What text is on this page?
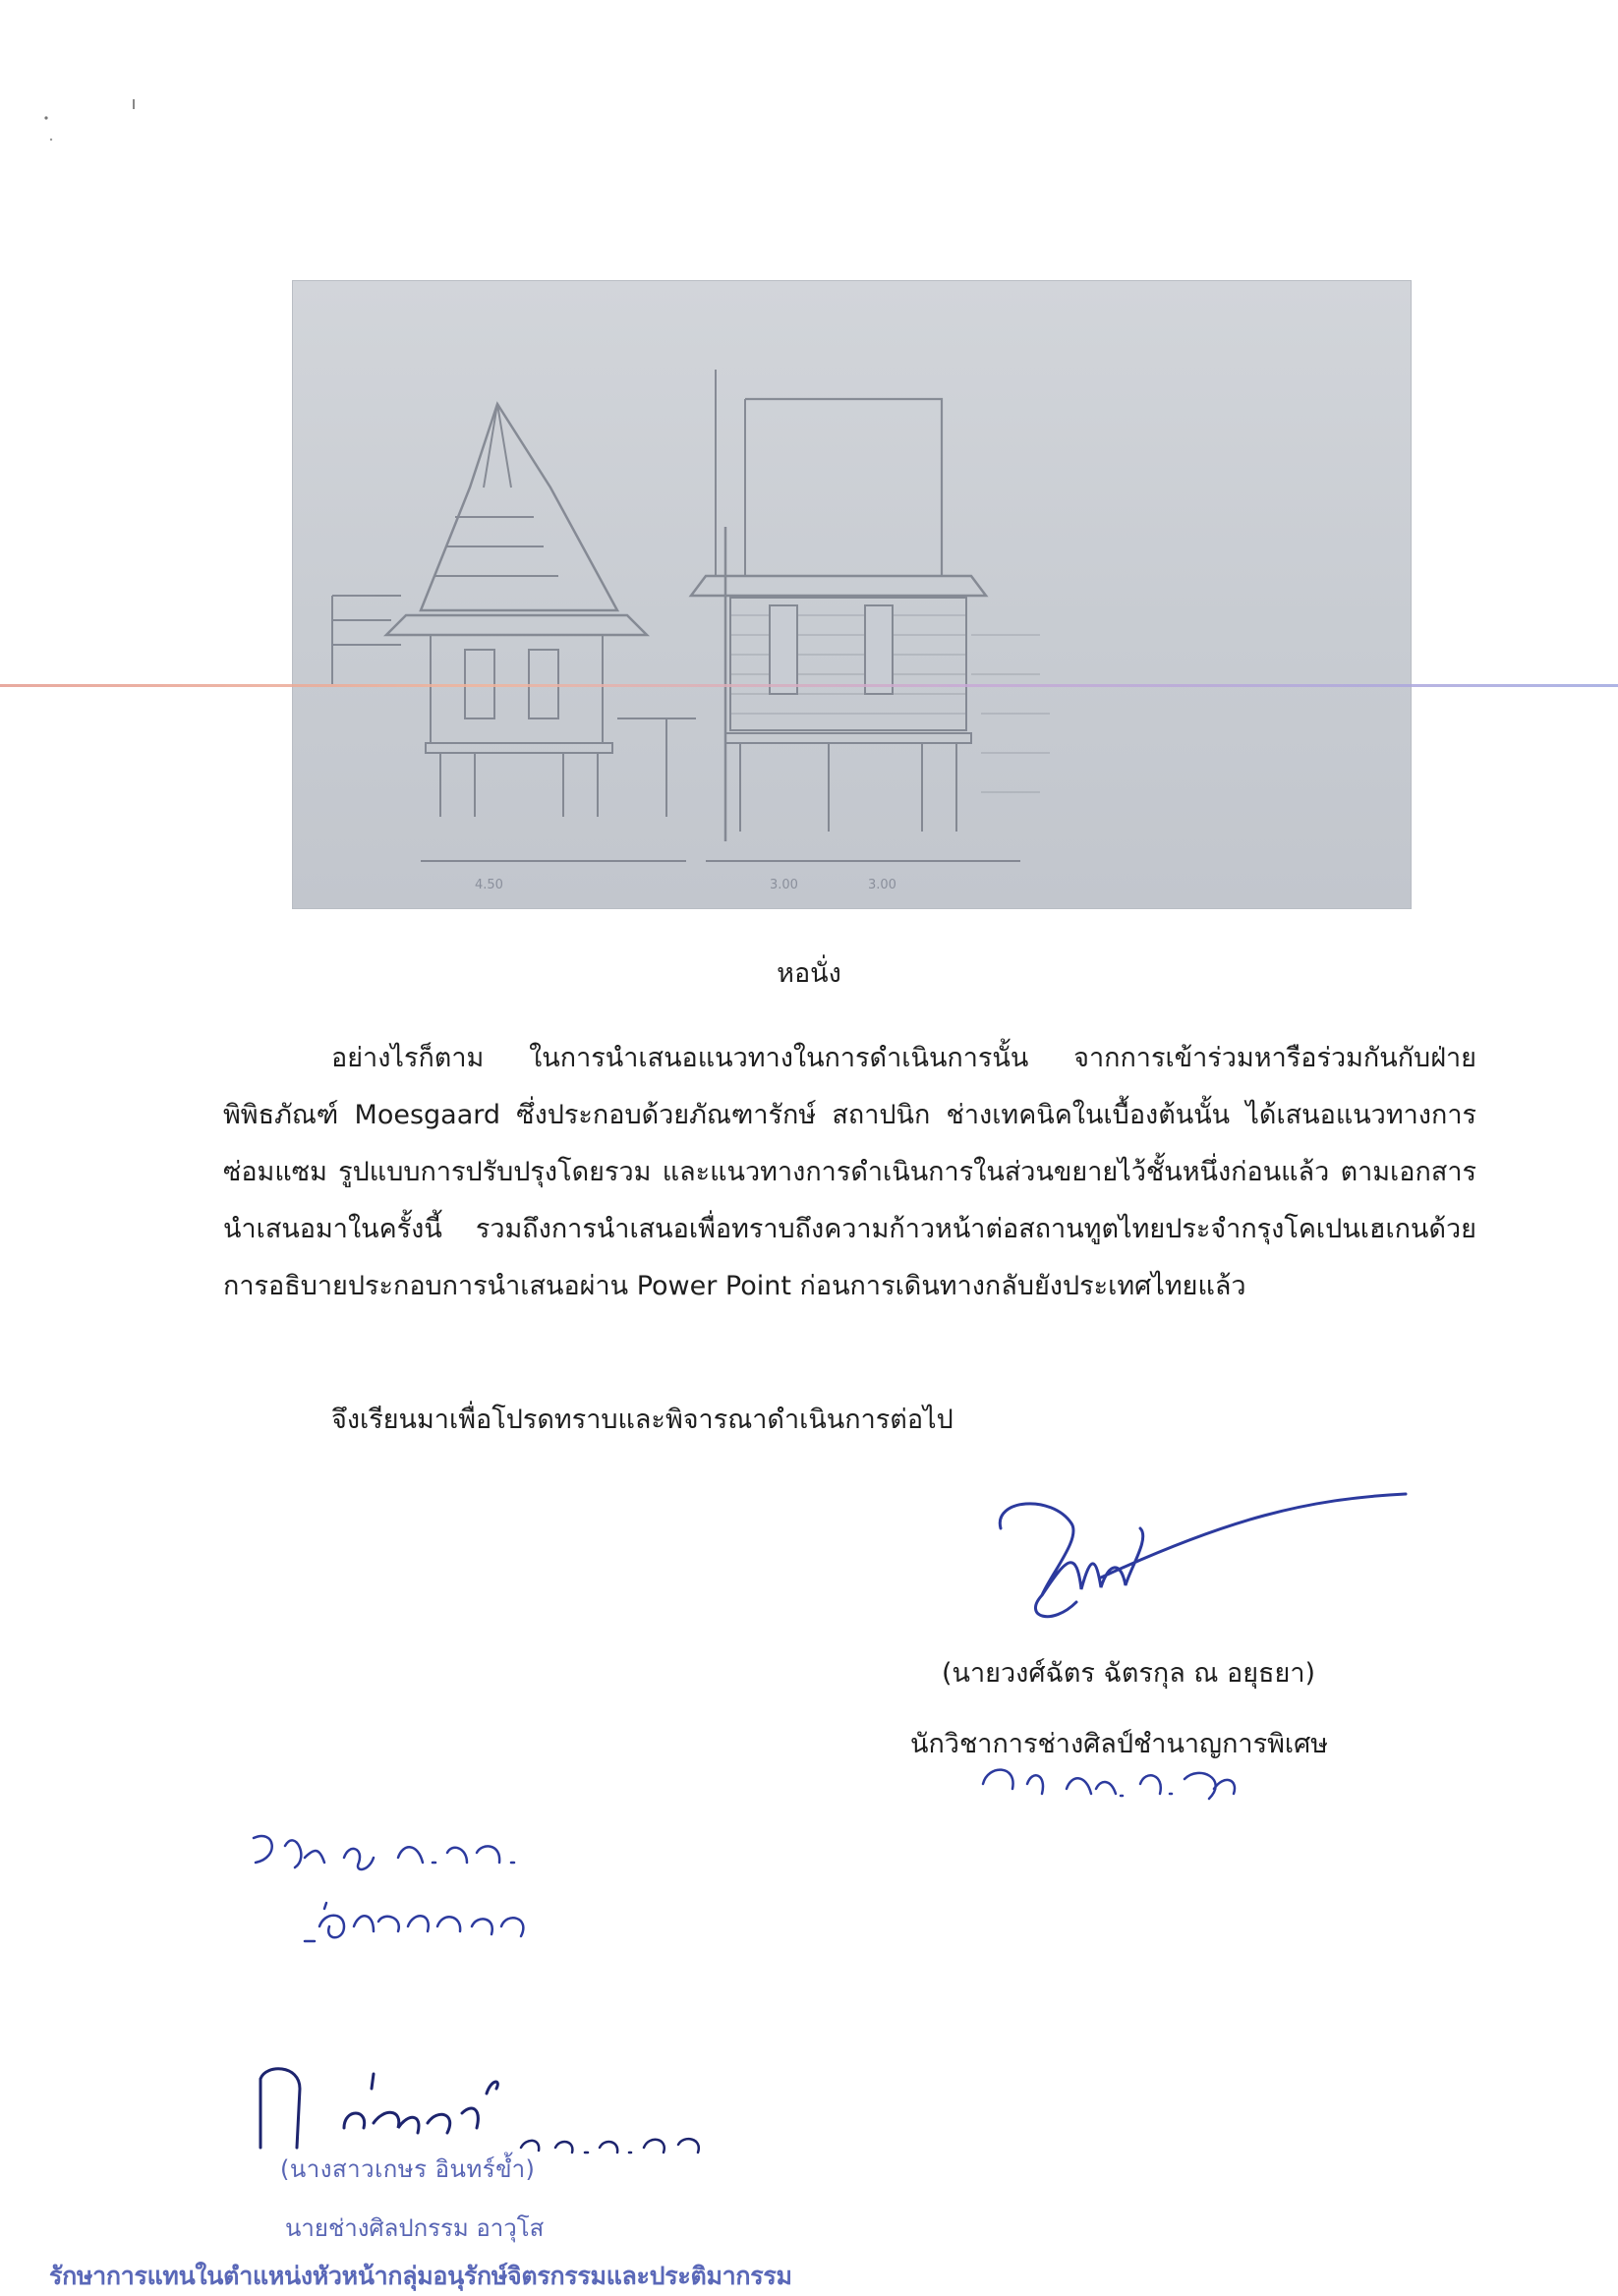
4.50	3.00	3.00
หอนั่ง

อย่างไรก็ตาม ในการนำเสนอแนวทางในการดำเนินการนั้น จากการเข้าร่วมหารือร่วมกันกับฝ่ายพิพิธภัณฑ์ Moesgaard ซึ่งประกอบด้วยภัณฑารักษ์ สถาปนิก ช่างเทคนิคในเบื้องต้นนั้น ได้เสนอแนวทางการซ่อมแซม รูปแบบการปรับปรุงโดยรวม และแนวทางการดำเนินการในส่วนขยายไว้ชั้นหนึ่งก่อนแล้ว ตามเอกสารนำเสนอมาในครั้งนี้ รวมถึงการนำเสนอเพื่อทราบถึงความก้าวหน้าต่อสถานทูตไทยประจำกรุงโคเปนเฮเกนด้วย การอธิบายประกอบการนำเสนอผ่าน Power Point ก่อนการเดินทางกลับยังประเทศไทยแล้ว

จึงเรียนมาเพื่อโปรดทราบและพิจารณาดำเนินการต่อไป
(นายวงศ์ฉัตร ฉัตรกุล ณ อยุธยา)
นักวิชาการช่างศิลป์ชำนาญการพิเศษ
(นางสาวเกษร อินทร์ข้ำ)
นายช่างศิลปกรรม อาวุโส
รักษาการแทนในตำแหน่งหัวหน้ากลุ่มอนุรักษ์จิตรกรรมและประติมากรรม
